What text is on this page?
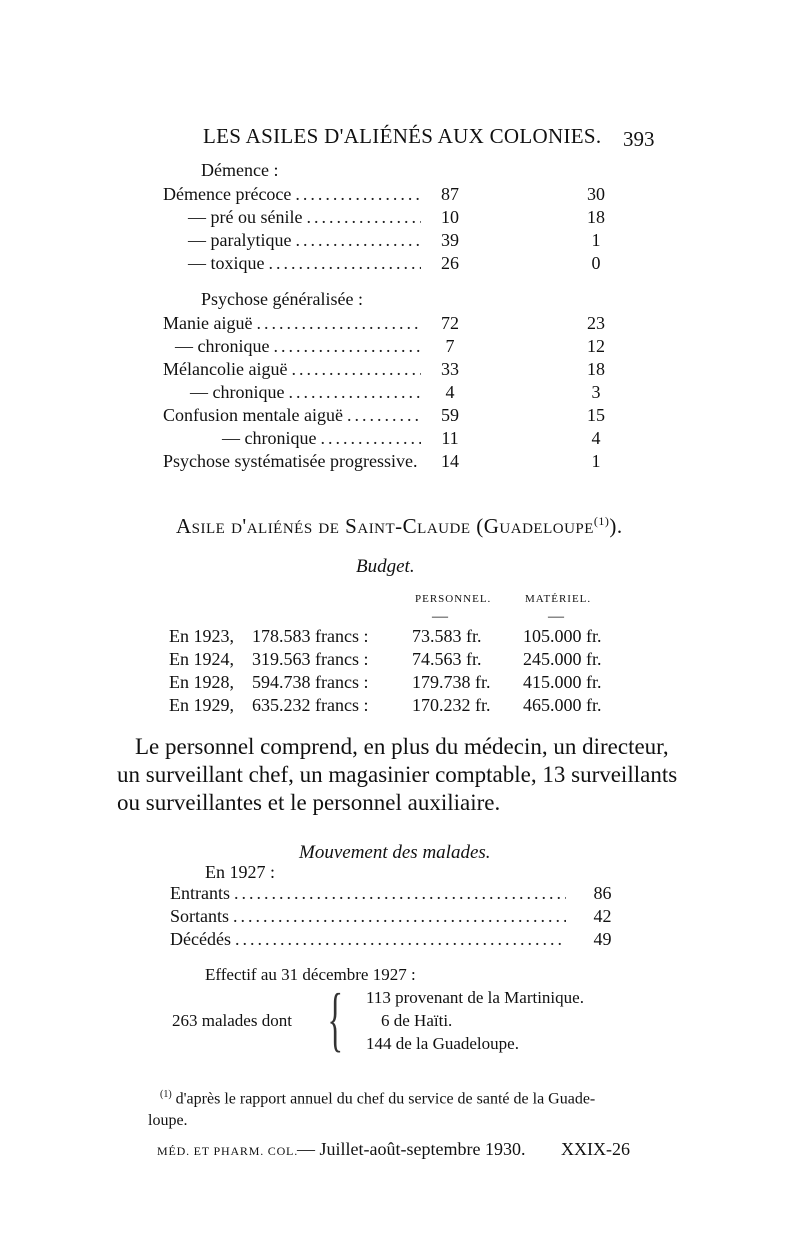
LES ASILES D'ALIÉNÉS AUX COLONIES. 393
Démence :
Démence précoce .....	87	30
— pré ou sénile .....	10	18
— paralytique .....	39	1
— toxique .....	26	0
Psychose généralisée :
Manie aiguë .....	72	23
— chronique .....	7	12
Mélancolie aiguë .....	33	18
— chronique .....	4	3
Confusion mentale aiguë .....	59	15
— chronique .....	11	4
Psychose systématisée progressive.	14	1
Asile d'aliénés de Saint-Claude (Guadeloupe$^{(1)}$).
Budget.
PERSONNEL.	MATÉRIEL.
—	—
En 1923, 178.583 francs : 73.583 fr. 105.000 fr.
En 1924, 319.563 francs : 74.563 fr. 245.000 fr.
En 1928, 594.738 francs : 179.738 fr. 415.000 fr.
En 1929, 635.232 francs : 170.232 fr. 465.000 fr.
Le personnel comprend, en plus du médecin, un directeur,
un surveillant chef, un magasinier comptable, 13 surveillants
ou surveillantes et le personnel auxiliaire.
Mouvement des malades.
En 1927 :
Entrants .....	86
Sortants .....	42
Décédés .....	49
Effectif au 31 décembre 1927 :
263 malades dont { 113 provenant de la Martinique.
6 de Haïti.
144 de la Guadeloupe.
$^{(1)}$ d'après le rapport annuel du chef du service de santé de la Guade-
loupe.
MÉD. ET PHARM. COL. — Juillet-août-septembre 1930. XXIX-26
